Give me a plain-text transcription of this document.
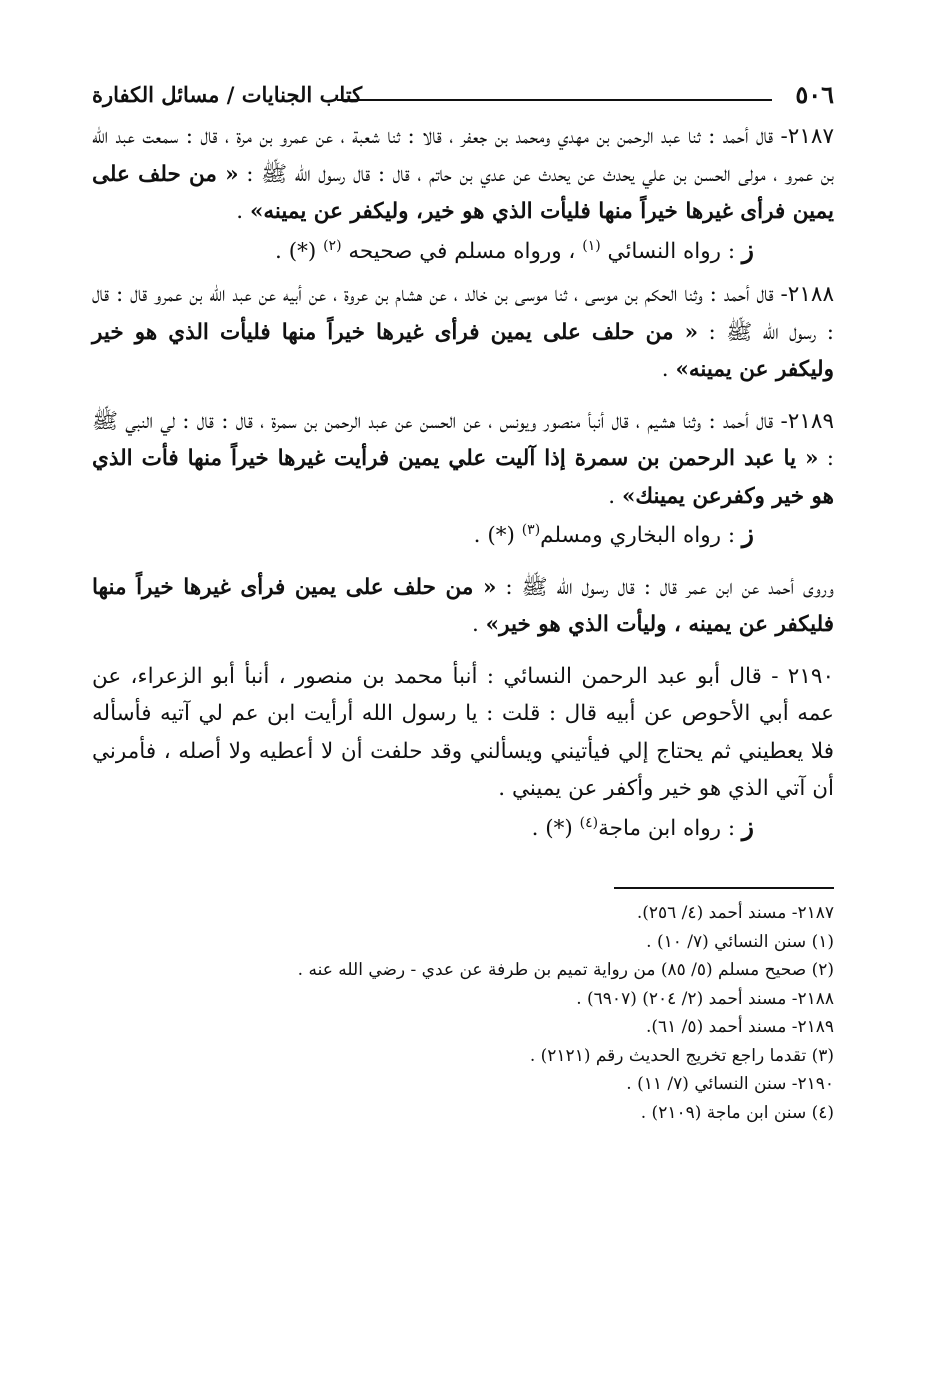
٥٠٦
كتاب الجنايات / مسائل الكفارة

٢١٨٧- قال أحمد : ثنا عبد الرحمن بن مهدي ومحمد بن جعفر ، قالا : ثنا شعبة ، عن عمرو بن مرة ، قال : سمعت عبد الله بن عمرو ، مولى الحسن بن علي يحدث عن يحدث عن عدي بن حاتم ، قال : قال رسول الله ﷺ : « من حلف على يمين فرأى غيرها خيراً منها فليأت الذي هو خير، وليكفر عن يمينه» .

ز : رواه النسائي $^{(١)}$ ، ورواه مسلم في صحيحه $^{(٢)}$ (*) .

٢١٨٨- قال أحمد : وثنا الحكم بن موسى ، ثنا موسى بن خالد ، عن هشام بن عروة ، عن أبيه عن عبد الله بن عمرو قال : قال : رسول الله ﷺ : « من حلف على يمين فرأى غيرها خيراً منها فليأت الذي هو خير وليكفر عن يمينه» .

٢١٨٩- قال أحمد : وثنا هشيم ، قال أنبأ منصور ويونس ، عن الحسن عن عبد الرحمن بن سمرة ، قال : قال : لي النبي ﷺ : « يا عبد الرحمن بن سمرة إذا آليت علي يمين فرأيت غيرها خيراً منها فأت الذي هو خير وكفرعن يمينك» .

ز : رواه البخاري ومسلم$^{(٣)}$ (*) .

وروى أحمد عن ابن عمر قال : قال رسول الله ﷺ : « من حلف على يمين فرأى غيرها خيراً منها فليكفر عن يمينه ، وليأت الذي هو خير» .

٢١٩٠ - قال أبو عبد الرحمن النسائي : أنبأ محمد بن منصور ، أنبأ أبو الزعراء، عن عمه أبي الأحوص عن أبيه قال : قلت : يا رسول الله أرأيت ابن عم لي آتيه فأسأله فلا يعطيني ثم يحتاج إلي فيأتيني ويسألني وقد حلفت أن لا أعطيه ولا أصله ، فأمرني أن آتي الذي هو خير وأكفر عن يميني .

ز : رواه ابن ماجة$^{(٤)}$ (*) .

٢١٨٧- مسند أحمد (٤/ ٢٥٦).

(١) سنن النسائي (٧/ ١٠) .

(٢) صحيح مسلم (٥/ ٨٥) من رواية تميم بن طرفة عن عدي - رضي الله عنه .

٢١٨٨- مسند أحمد (٢/ ٢٠٤) (٦٩٠٧) .

٢١٨٩- مسند أحمد (٥/ ٦١).

(٣) تقدما راجع تخريج الحديث رقم (٢١٢١) .

٢١٩٠- سنن النسائي (٧/ ١١) .

(٤) سنن ابن ماجة (٢١٠٩) .
